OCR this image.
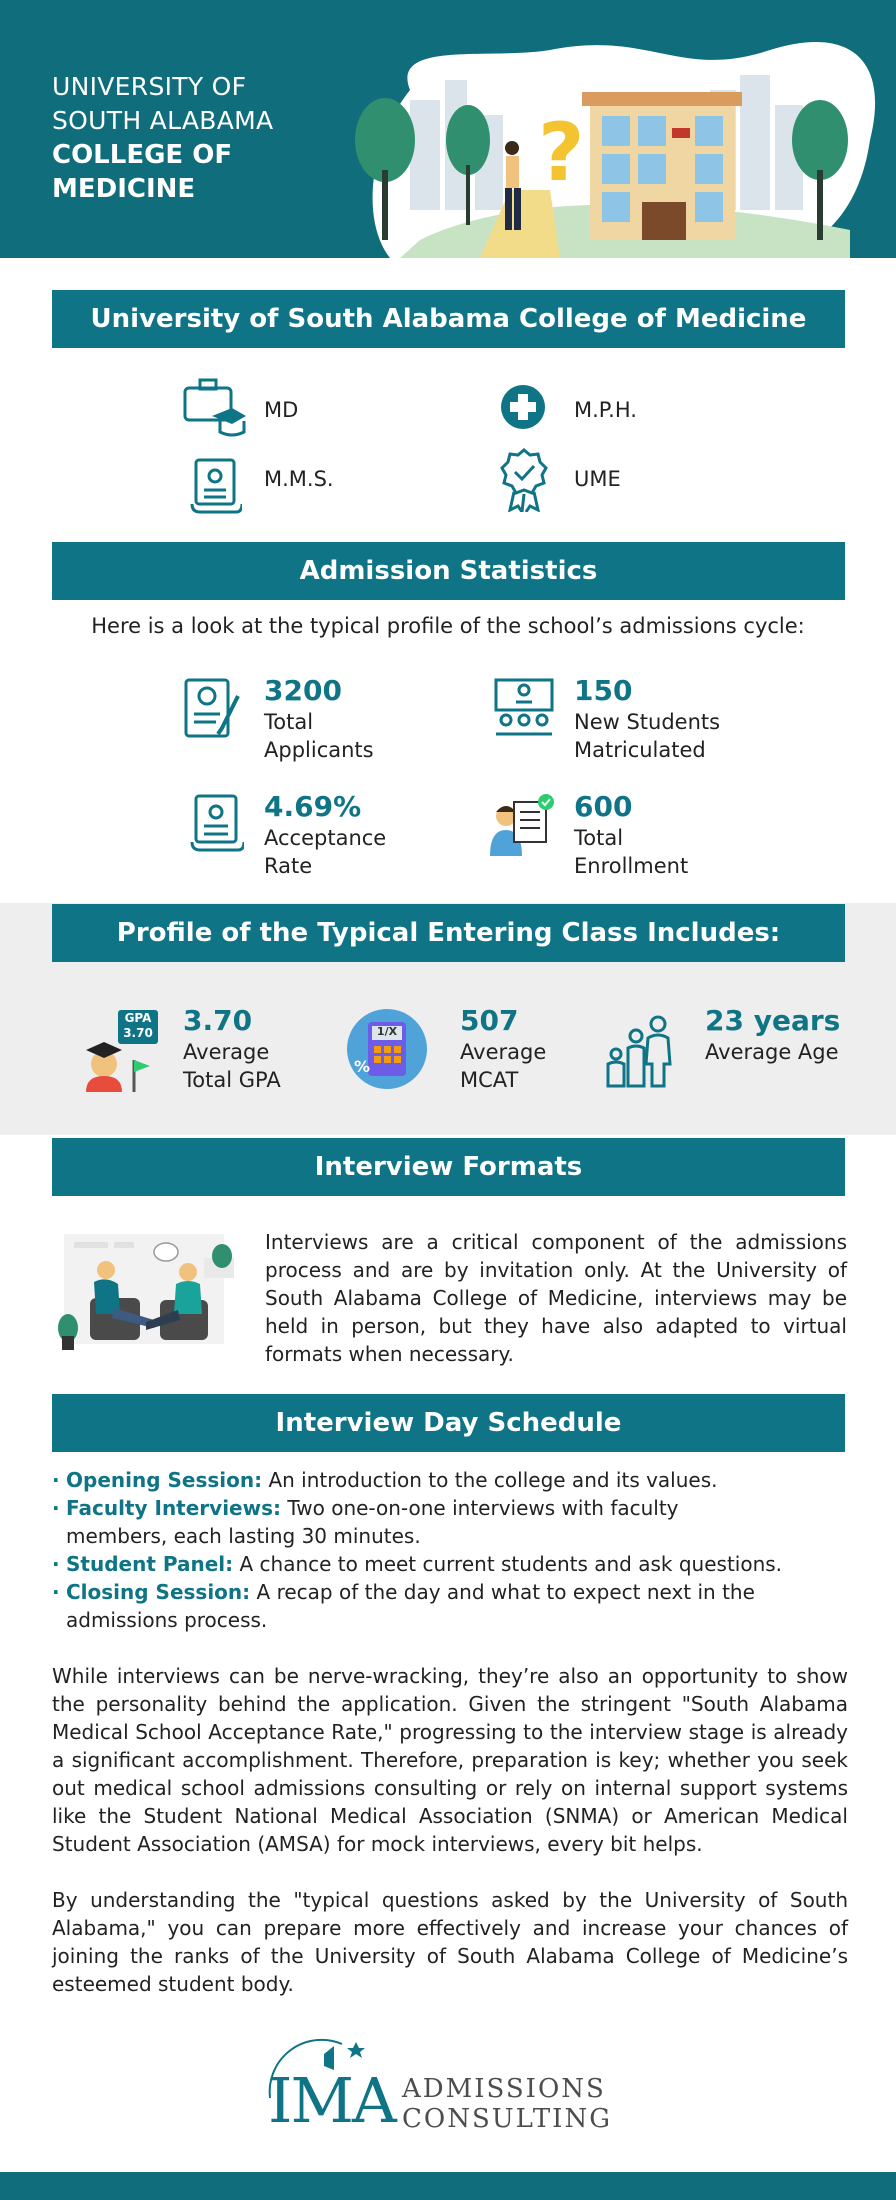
UNIVERSITY OF
SOUTH ALABAMA
COLLEGE OF
MEDICINE	?
University of South Alabama College of Medicine
MD	M.P.H.
M.M.S.	UME
Admission Statistics
Here is a look at the typical profile of the school’s admissions cycle:
3200
Total
Applicants
150
New Students
Matriculated
4.69%
Acceptance
Rate
600
Total
Enrollment
Profile of the Typical Entering Class Includes:
GPA
3.70 3.70
Average
Total GPA
%
1/X 507
Average
MCAT
23 years
Average Age
Interview Formats
Interviews are a critical component of the admissions process and are by invitation only. At the University of South Alabama College of Medicine, interviews may be held in person, but they have also adapted to virtual formats when necessary.
Interview Day Schedule
· Opening Session: An introduction to the college and its values.
· Faculty Interviews: Two one-on-one interviews with faculty members, each lasting 30 minutes.
· Student Panel: A chance to meet current students and ask questions.
· Closing Session: A recap of the day and what to expect next in the admissions process.
While interviews can be nerve-wracking, they’re also an opportunity to show the personality behind the application. Given the stringent "South Alabama Medical School Acceptance Rate," progressing to the interview stage is already a significant accomplishment. Therefore, preparation is key; whether you seek out medical school admissions consulting or rely on internal support systems like the Student National Medical Association (SNMA) or American Medical Student Association (AMSA) for mock interviews, every bit helps.
By understanding the "typical questions asked by the University of South Alabama," you can prepare more effectively and increase your chances of joining the ranks of the University of South Alabama College of Medicine’s esteemed student body.
IMA ADMISSIONS
CONSULTING
